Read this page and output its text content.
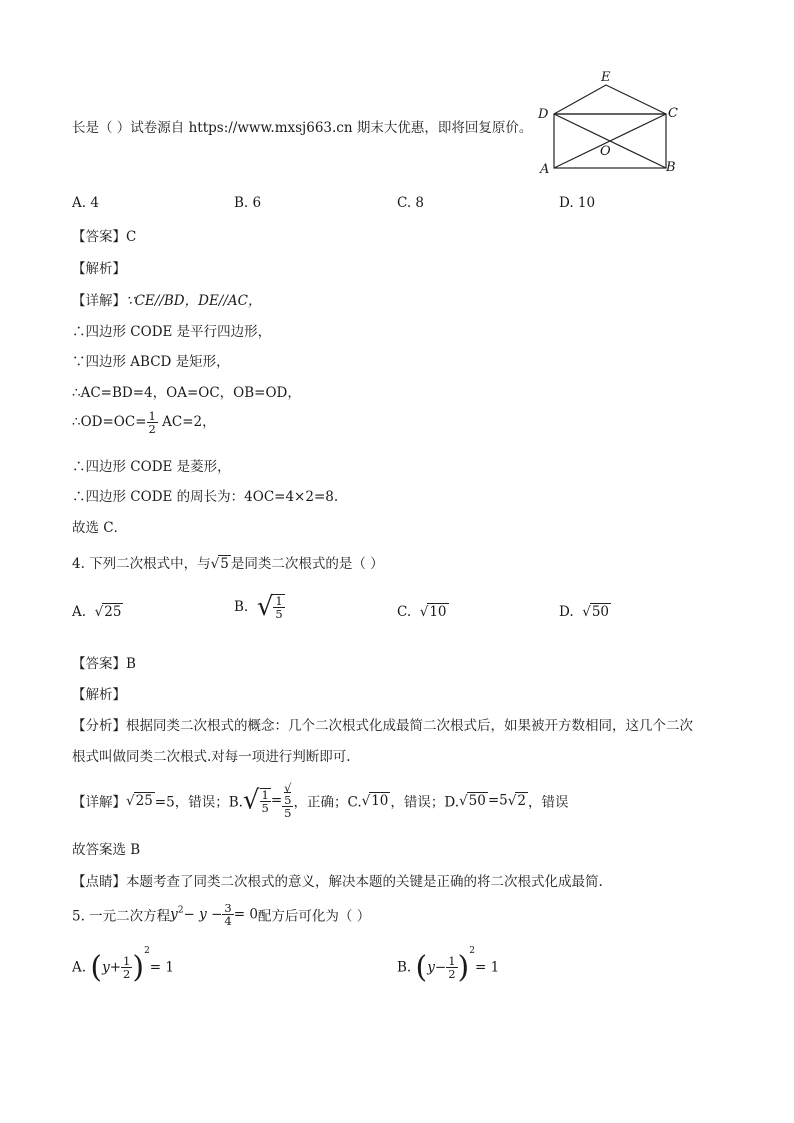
长是（ ）试卷源自 https://www.mxsj663.cn 期末大优惠，即将回复原价。
E
D	C
O
A	B
A. 4	B. 6	C. 8	D. 10
【答案】C
【解析】
【详解】∵CE//BD，DE//AC，
∴四边形 CODE 是平行四边形，
∵四边形 ABCD 是矩形，
∴AC=BD=4，OA=OC，OB=OD，
∴OD=OC= $\frac{1}{2} AC=2$，
∴四边形 CODE 是菱形，
∴四边形 CODE 的周长为：4OC=4×2=8.
故选 C．
4. 下列二次根式中，与√5 是同类二次根式的是（ ）
A. √25	B. √ $\frac{1}{5}$	C. √10	D. √50
【答案】B
【解析】
【分析】根据同类二次根式的概念：几个二次根式化成最简二次根式后，如果被开方数相同，这几个二次
根式叫做同类二次根式.对每一项进行判断即可.
【详解】√25 =5，错误；$B.√ \frac{1}{5}$ = √
5
5 ，正确；C.√10 ，错误；D.√50 =5√2 ，错误
故答案选 B
【点睛】本题考查了同类二次根式的意义，解决本题的关键是正确的将二次根式化成最简.
5. 一元二次方程$y^2- y - \frac{3}{4} = 0$配方后可化为（ ）
A. $(y+ \frac{1}{2} )^2= 1$	B. $(y- \frac{1}{2} )^2= 1$
